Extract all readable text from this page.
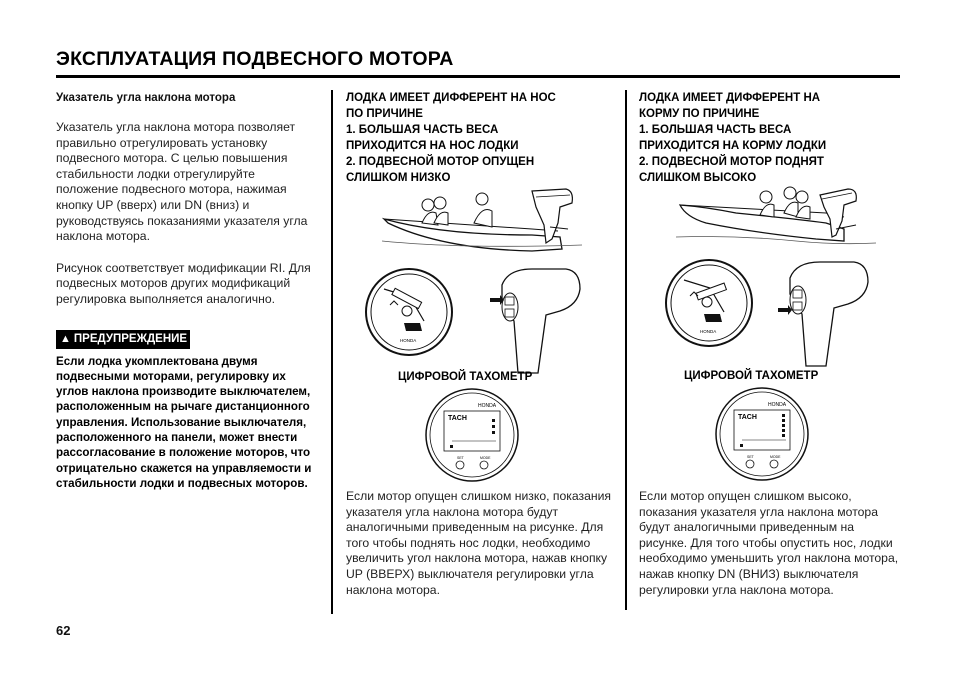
ЭКСПЛУАТАЦИЯ ПОДВЕСНОГО МОТОРА
Указатель угла наклона мотора
Указатель угла наклона мотора позволяет правильно отрегулировать установку подвесного мотора. С целью повышения стабильности лодки отрегулируйте положение подвесного мотора, нажимая кнопку UP (вверх) или DN (вниз) и руководствуясь показаниями указателя угла наклона мотора.
Рисунок соответствует модификации RI. Для подвесных моторов других модификаций регулировка выполняется аналогично.
▲ ПРЕДУПРЕЖДЕНИЕ
Если лодка укомплектована двумя подвесными моторами, регулировку их углов наклона производите выключателем, расположенным на рычаге дистанционного управления. Использование выключателя, расположенного на панели, может внести рассогласование в положение моторов, что отрицательно скажется на управляемости и стабильности лодки и подвесных моторов.
ЛОДКА ИМЕЕТ ДИФФЕРЕНТ НА НОС
ПО ПРИЧИНЕ
1. БОЛЬШАЯ ЧАСТЬ ВЕСА
ПРИХОДИТСЯ НА НОС ЛОДКИ
2. ПОДВЕСНОЙ МОТОР ОПУЩЕН
СЛИШКОМ НИЗКО
ЛОДКА ИМЕЕТ ДИФФЕРЕНТ НА
КОРМУ ПО ПРИЧИНЕ
1. БОЛЬШАЯ ЧАСТЬ ВЕСА
ПРИХОДИТСЯ НА КОРМУ ЛОДКИ
2. ПОДВЕСНОЙ МОТОР ПОДНЯТ
СЛИШКОМ ВЫСОКО
HONDA
ЦИФРОВОЙ ТАХОМЕТР
HONDA
TACH
SET	MODE
HONDA
ЦИФРОВОЙ ТАХОМЕТР
HONDA
TACH
SET	MODE
Если мотор опущен слишком низко, показания указателя угла наклона мотора будут аналогичными приведенным на рисунке. Для того чтобы поднять нос лодки, необходимо увеличить угол наклона мотора, нажав кнопку UP (ВВЕРХ) выключателя регулировки угла наклона мотора.
Если мотор опущен слишком высоко, показания указателя угла наклона мотора будут аналогичными приведенным на рисунке. Для того чтобы опустить нос, лодки необходимо уменьшить угол наклона мотора, нажав кнопку DN (ВНИЗ) выключателя регулировки угла наклона мотора.
62
